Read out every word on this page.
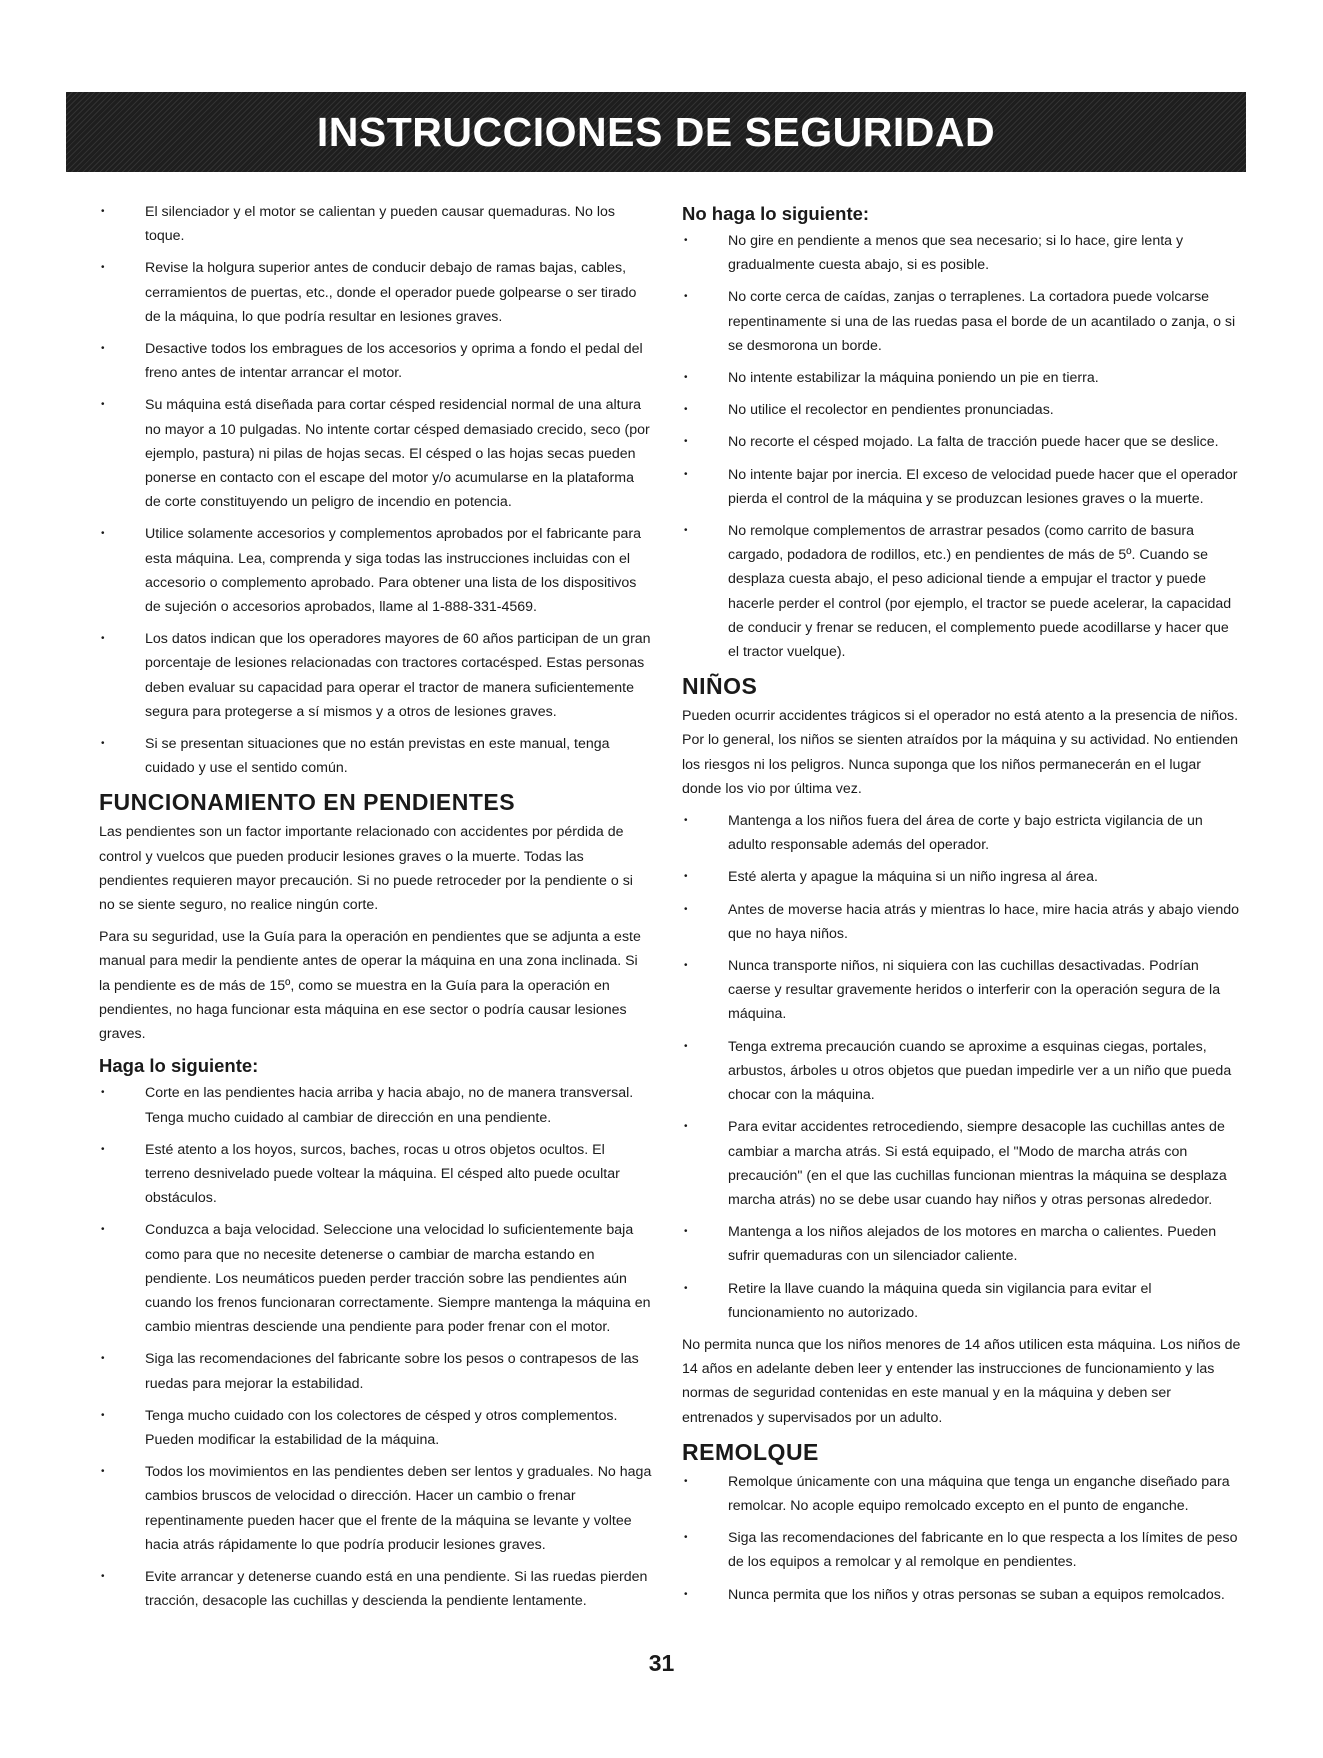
INSTRUCCIONES DE SEGURIDAD
• El silenciador y el motor se calientan y pueden causar quemaduras. No los toque.
• Revise la holgura superior antes de conducir debajo de ramas bajas, cables, cerramientos de puertas, etc., donde el operador puede golpearse o ser tirado de la máquina, lo que podría resultar en lesiones graves.
• Desactive todos los embragues de los accesorios y oprima a fondo el pedal del freno antes de intentar arrancar el motor.
• Su máquina está diseñada para cortar césped residencial normal de una altura no mayor a 10 pulgadas. No intente cortar césped demasiado crecido, seco (por ejemplo, pastura) ni pilas de hojas secas. El césped o las hojas secas pueden ponerse en contacto con el escape del motor y/o acumularse en la plataforma de corte constituyendo un peligro de incendio en potencia.
• Utilice solamente accesorios y complementos aprobados por el fabricante para esta máquina. Lea, comprenda y siga todas las instrucciones incluidas con el accesorio o complemento aprobado. Para obtener una lista de los dispositivos de sujeción o accesorios aprobados, llame al 1-888-331-4569.
• Los datos indican que los operadores mayores de 60 años participan de un gran porcentaje de lesiones relacionadas con tractores cortacésped. Estas personas deben evaluar su capacidad para operar el tractor de manera suficientemente segura para protegerse a sí mismos y a otros de lesiones graves.
• Si se presentan situaciones que no están previstas en este manual, tenga cuidado y use el sentido común.
FUNCIONAMIENTO EN PENDIENTES

Las pendientes son un factor importante relacionado con accidentes por pérdida de control y vuelcos que pueden producir lesiones graves o la muerte. Todas las pendientes requieren mayor precaución. Si no puede retroceder por la pendiente o si no se siente seguro, no realice ningún corte.

Para su seguridad, use la Guía para la operación en pendientes que se adjunta a este manual para medir la pendiente antes de operar la máquina en una zona inclinada. Si la pendiente es de más de 15º, como se muestra en la Guía para la operación en pendientes, no haga funcionar esta máquina en ese sector o podría causar lesiones graves.

Haga lo siguiente:
• Corte en las pendientes hacia arriba y hacia abajo, no de manera transversal. Tenga mucho cuidado al cambiar de dirección en una pendiente.
• Esté atento a los hoyos, surcos, baches, rocas u otros objetos ocultos. El terreno desnivelado puede voltear la máquina. El césped alto puede ocultar obstáculos.
• Conduzca a baja velocidad. Seleccione una velocidad lo suficientemente baja como para que no necesite detenerse o cambiar de marcha estando en pendiente. Los neumáticos pueden perder tracción sobre las pendientes aún cuando los frenos funcionaran correctamente. Siempre mantenga la máquina en cambio mientras desciende una pendiente para poder frenar con el motor.
• Siga las recomendaciones del fabricante sobre los pesos o contrapesos de las ruedas para mejorar la estabilidad.
• Tenga mucho cuidado con los colectores de césped y otros complementos. Pueden modificar la estabilidad de la máquina.
• Todos los movimientos en las pendientes deben ser lentos y graduales. No haga cambios bruscos de velocidad o dirección. Hacer un cambio o frenar repentinamente pueden hacer que el frente de la máquina se levante y voltee hacia atrás rápidamente lo que podría producir lesiones graves.
• Evite arrancar y detenerse cuando está en una pendiente. Si las ruedas pierden tracción, desacople las cuchillas y descienda la pendiente lentamente.
No haga lo siguiente:
• No gire en pendiente a menos que sea necesario; si lo hace, gire lenta y gradualmente cuesta abajo, si es posible.
• No corte cerca de caídas, zanjas o terraplenes. La cortadora puede volcarse repentinamente si una de las ruedas pasa el borde de un acantilado o zanja, o si se desmorona un borde.
• No intente estabilizar la máquina poniendo un pie en tierra.
• No utilice el recolector en pendientes pronunciadas.
• No recorte el césped mojado. La falta de tracción puede hacer que se deslice.
• No intente bajar por inercia. El exceso de velocidad puede hacer que el operador pierda el control de la máquina y se produzcan lesiones graves o la muerte.
• No remolque complementos de arrastrar pesados (como carrito de basura cargado, podadora de rodillos, etc.) en pendientes de más de 5º. Cuando se desplaza cuesta abajo, el peso adicional tiende a empujar el tractor y puede hacerle perder el control (por ejemplo, el tractor se puede acelerar, la capacidad de conducir y frenar se reducen, el complemento puede acodillarse y hacer que el tractor vuelque).
NIÑOS

Pueden ocurrir accidentes trágicos si el operador no está atento a la presencia de niños. Por lo general, los niños se sienten atraídos por la máquina y su actividad. No entienden los riesgos ni los peligros. Nunca suponga que los niños permanecerán en el lugar donde los vio por última vez.

• Mantenga a los niños fuera del área de corte y bajo estricta vigilancia de un adulto responsable además del operador.
• Esté alerta y apague la máquina si un niño ingresa al área.
• Antes de moverse hacia atrás y mientras lo hace, mire hacia atrás y abajo viendo que no haya niños.
• Nunca transporte niños, ni siquiera con las cuchillas desactivadas. Podrían caerse y resultar gravemente heridos o interferir con la operación segura de la máquina.
• Tenga extrema precaución cuando se aproxime a esquinas ciegas, portales, arbustos, árboles u otros objetos que puedan impedirle ver a un niño que pueda chocar con la máquina.
• Para evitar accidentes retrocediendo, siempre desacople las cuchillas antes de cambiar a marcha atrás. Si está equipado, el "Modo de marcha atrás con precaución" (en el que las cuchillas funcionan mientras la máquina se desplaza marcha atrás) no se debe usar cuando hay niños y otras personas alrededor.
• Mantenga a los niños alejados de los motores en marcha o calientes. Pueden sufrir quemaduras con un silenciador caliente.
• Retire la llave cuando la máquina queda sin vigilancia para evitar el funcionamiento no autorizado.

No permita nunca que los niños menores de 14 años utilicen esta máquina. Los niños de 14 años en adelante deben leer y entender las instrucciones de funcionamiento y las normas de seguridad contenidas en este manual y en la máquina y deben ser entrenados y supervisados por un adulto.

REMOLQUE
• Remolque únicamente con una máquina que tenga un enganche diseñado para remolcar. No acople equipo remolcado excepto en el punto de enganche.
• Siga las recomendaciones del fabricante en lo que respecta a los límites de peso de los equipos a remolcar y al remolque en pendientes.
• Nunca permita que los niños y otras personas se suban a equipos remolcados.
31
